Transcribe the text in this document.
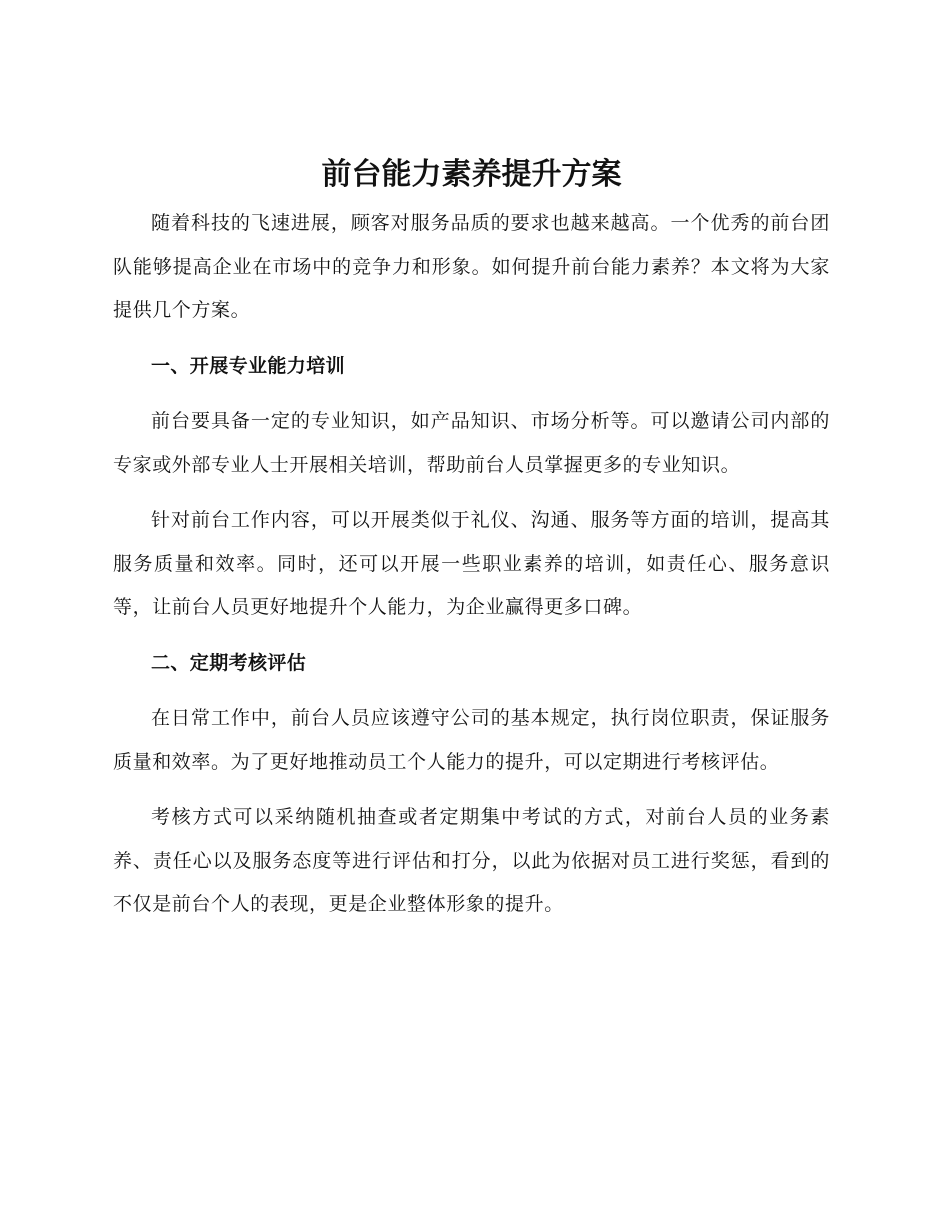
前台能力素养提升方案

随着科技的飞速进展，顾客对服务品质的要求也越来越高。一个优秀的前台团队能够提高企业在市场中的竞争力和形象。如何提升前台能力素养？本文将为大家提供几个方案。

一、开展专业能力培训

前台要具备一定的专业知识，如产品知识、市场分析等。可以邀请公司内部的专家或外部专业人士开展相关培训，帮助前台人员掌握更多的专业知识。

针对前台工作内容，可以开展类似于礼仪、沟通、服务等方面的培训，提高其服务质量和效率。同时，还可以开展一些职业素养的培训，如责任心、服务意识等，让前台人员更好地提升个人能力，为企业赢得更多口碑。

二、定期考核评估

在日常工作中，前台人员应该遵守公司的基本规定，执行岗位职责，保证服务质量和效率。为了更好地推动员工个人能力的提升，可以定期进行考核评估。

考核方式可以采纳随机抽查或者定期集中考试的方式，对前台人员的业务素养、责任心以及服务态度等进行评估和打分，以此为依据对员工进行奖惩，看到的不仅是前台个人的表现，更是企业整体形象的提升。
